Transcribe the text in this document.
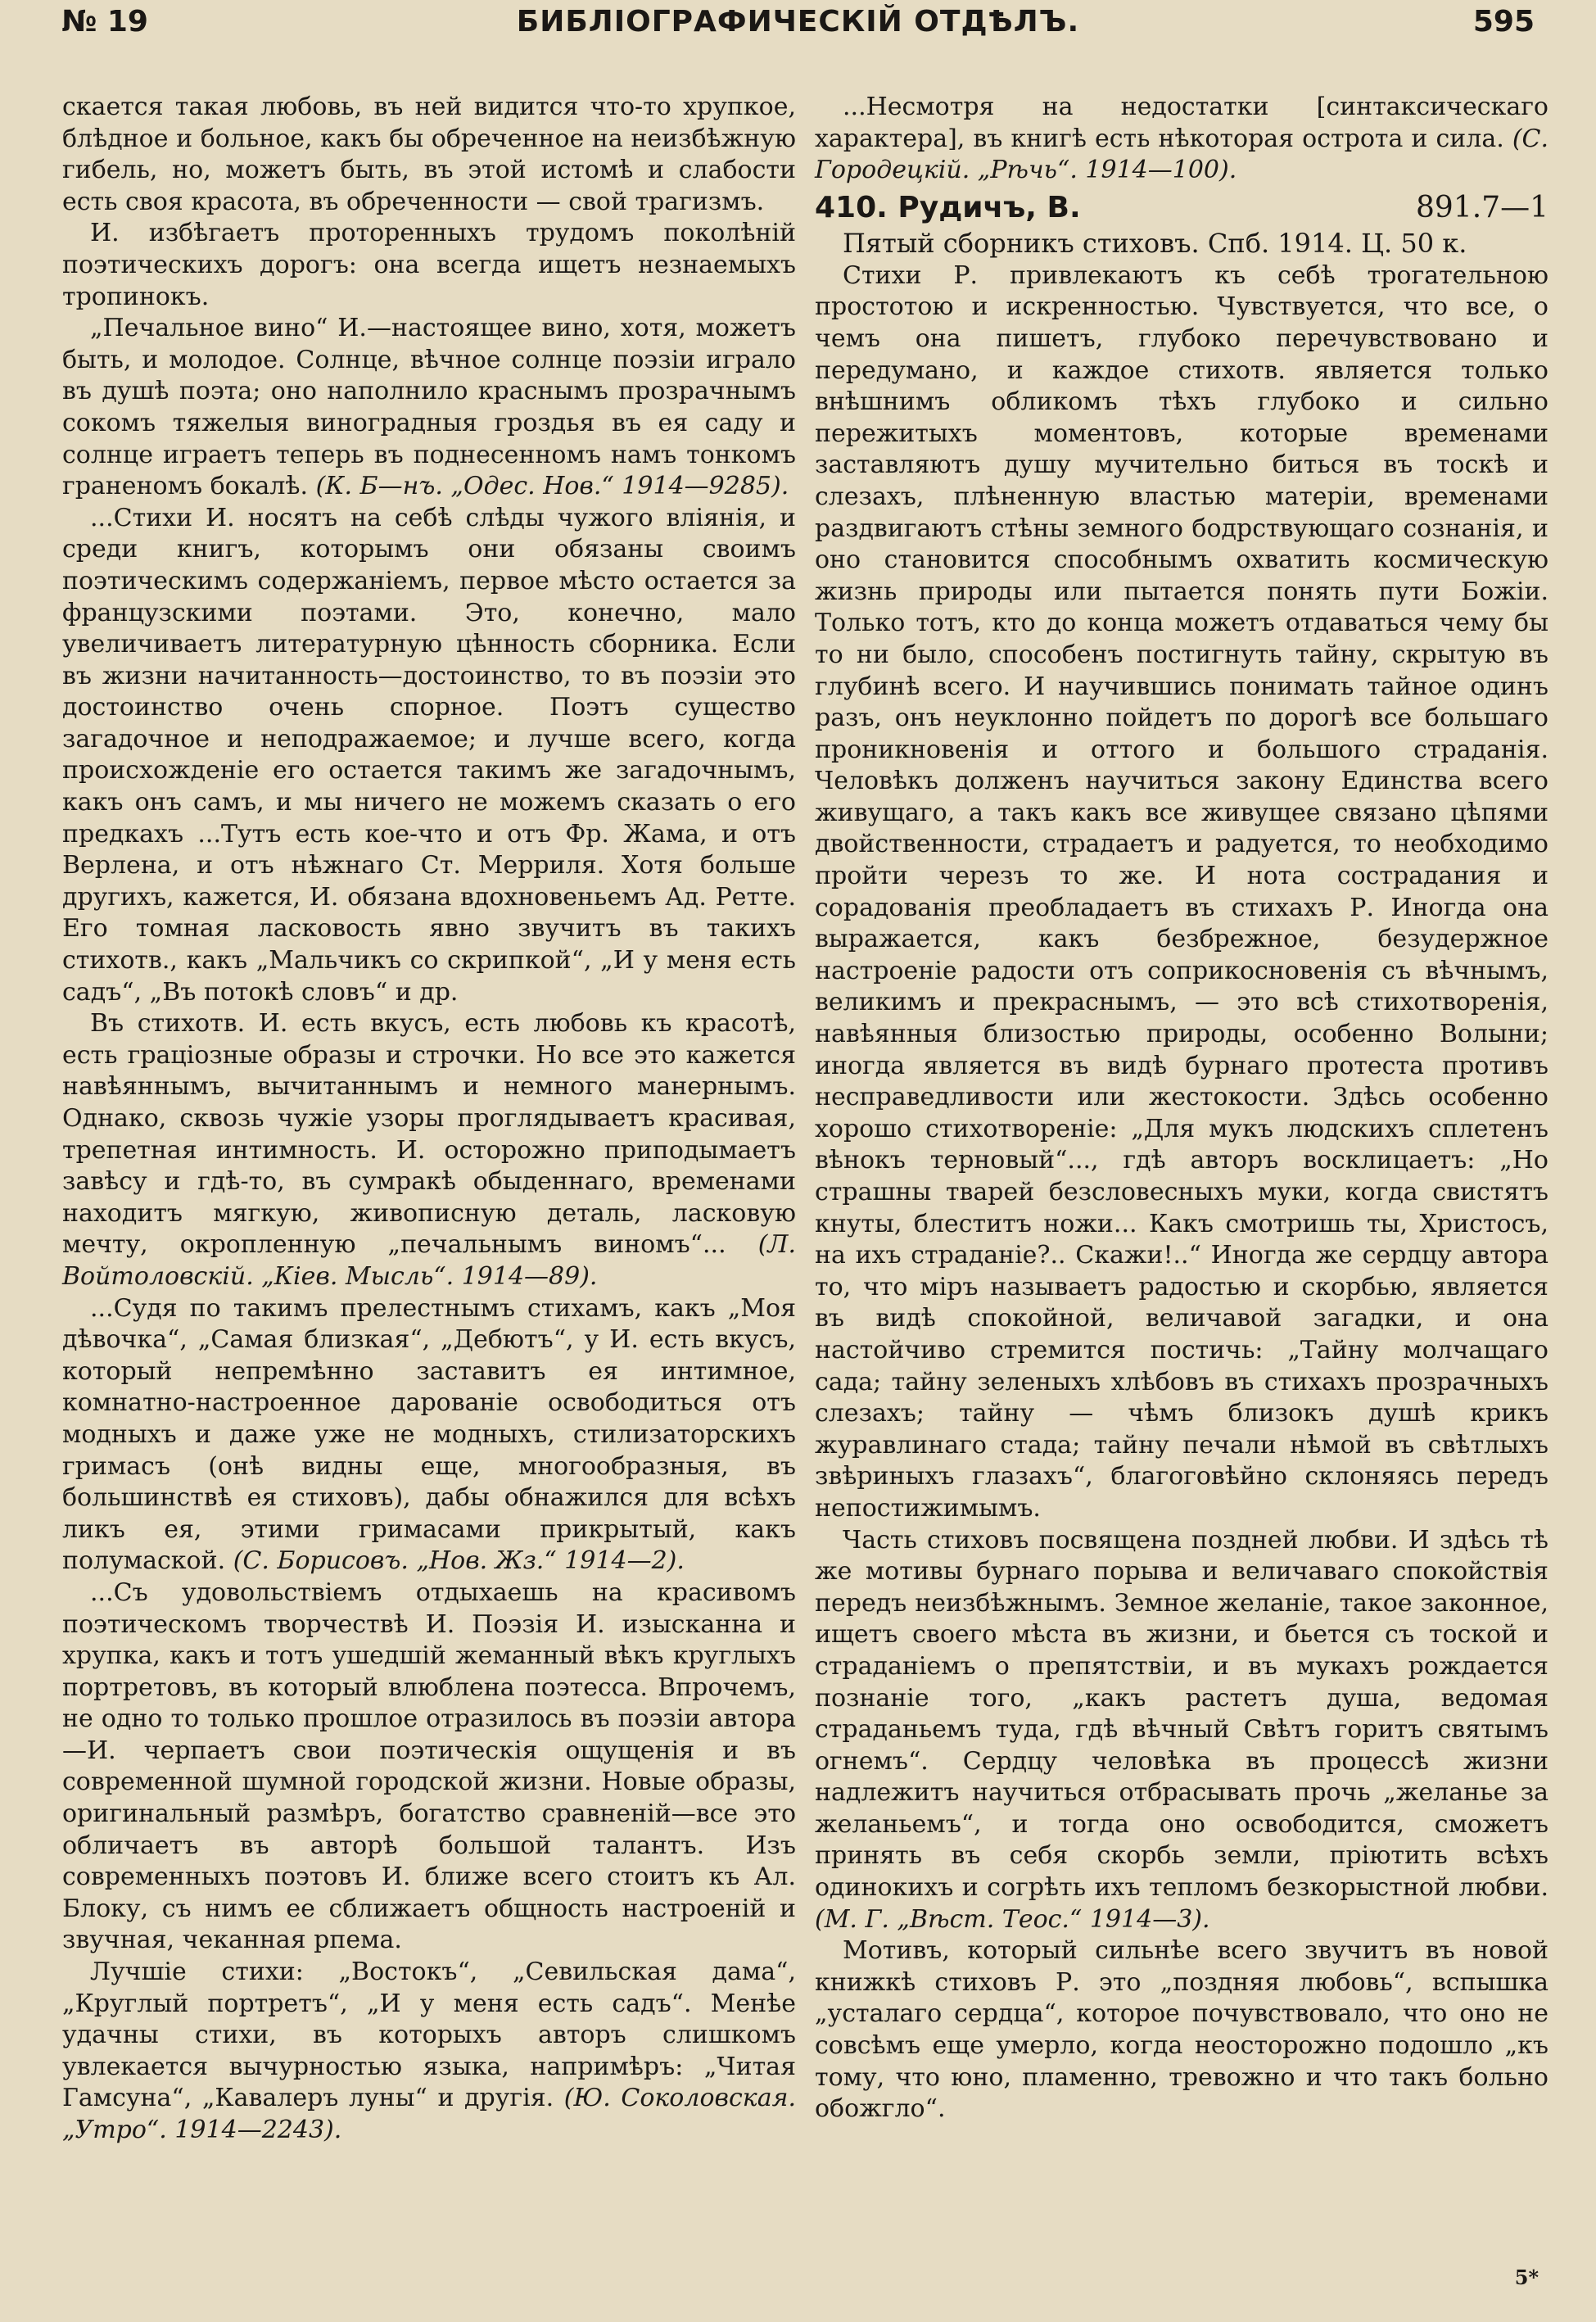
№ 19	БИБЛІОГРАФИЧЕСКІЙ ОТДѢЛЪ.	595

скается такая любовь, въ ней видится что-то хрупкое, блѣдное и больное, какъ бы обреченное на неизбѣжную гибель, но, можетъ быть, въ этой истомѣ и слабости есть своя красота, въ обреченности — свой трагизмъ.

И. избѣгаетъ проторенныхъ трудомъ поколѣній поэтическихъ дорогъ: она всегда ищетъ незнаемыхъ тропинокъ.

„Печальное вино“ И.—настоящее вино, хотя, можетъ быть, и молодое. Солнце, вѣчное солнце поэзіи играло въ душѣ поэта; оно наполнило краснымъ прозрачнымъ сокомъ тяжелыя виноградныя гроздья въ ея саду и солнце играетъ теперь въ поднесенномъ намъ тонкомъ граненомъ бокалѣ. (К. Б—нъ. „Одес. Нов.“ 1914—9285).

...Стихи И. носятъ на себѣ слѣды чужого вліянія, и среди книгъ, которымъ они обязаны своимъ поэтическимъ содержаніемъ, первое мѣсто остается за французскими поэтами. Это, конечно, мало увеличиваетъ литературную цѣнность сборника. Если въ жизни начитанность—достоинство, то въ поэзіи это достоинство очень спорное. Поэтъ существо загадочное и неподражаемое; и лучше всего, когда происхожденіе его остается такимъ же загадочнымъ, какъ онъ самъ, и мы ничего не можемъ сказать о его предкахъ ...Тутъ есть кое-что и отъ Фр. Жама, и отъ Верлена, и отъ нѣжнаго Ст. Мерриля. Хотя больше другихъ, кажется, И. обязана вдохновеньемъ Ад. Ретте. Его томная ласковость явно звучитъ въ такихъ стихотв., какъ „Мальчикъ со скрипкой“, „И у меня есть садъ“, „Въ потокѣ словъ“ и др.

Въ стихотв. И. есть вкусъ, есть любовь къ красотѣ, есть граціозные образы и строчки. Но все это кажется навѣяннымъ, вычитаннымъ и немного манернымъ. Однако, сквозь чужіе узоры проглядываетъ красивая, трепетная интимность. И. осторожно приподымаетъ завѣсу и гдѣ-то, въ сумракѣ обыденнаго, временами находитъ мягкую, живописную деталь, ласковую мечту, окропленную „печальнымъ виномъ“... (Л. Войтоловскій. „Кіев. Мысль“. 1914—89).

...Судя по такимъ прелестнымъ стихамъ, какъ „Моя дѣвочка“, „Самая близкая“, „Дебютъ“, у И. есть вкусъ, который непремѣнно заставитъ ея интимное, комнатно-настроенное дарованіе освободиться отъ модныхъ и даже уже не модныхъ, стилизаторскихъ гримасъ (онѣ видны еще, многообразныя, въ большинствѣ ея стиховъ), дабы обнажился для всѣхъ ликъ ея, этими гримасами прикрытый, какъ полумаской. (С. Борисовъ. „Нов. Жз.“ 1914—2).

...Съ удовольствіемъ отдыхаешь на красивомъ поэтическомъ творчествѣ И. Поэзія И. изысканна и хрупка, какъ и тотъ ушедшій жеманный вѣкъ круглыхъ портретовъ, въ который влюблена поэтесса. Впрочемъ, не одно то только прошлое отразилось въ поэзіи автора—И. черпаетъ свои поэтическія ощущенія и въ современной шумной городской жизни. Новые образы, оригинальный размѣръ, богатство сравненій—все это обличаетъ въ авторѣ большой талантъ. Изъ современныхъ поэтовъ И. ближе всего стоитъ къ Ал. Блоку, съ нимъ ее сближаетъ общность настроеній и звучная, чеканная рпема.

Лучшіе стихи: „Востокъ“, „Севильская дама“, „Круглый портретъ“, „И у меня есть садъ“. Менѣе удачны стихи, въ которыхъ авторъ слишкомъ увлекается вычурностью языка, напримѣръ: „Читая Гамсуна“, „Кавалеръ луны“ и другія. (Ю. Соколовская. „Утро“. 1914—2243).

...Несмотря на недостатки [синтаксическаго характера], въ книгѣ есть нѣкоторая острота и сила. (С. Городецкій. „Рѣчь“. 1914—100).

410. Рудичъ, В.	891.7—1

Пятый сборникъ стиховъ. Спб. 1914. Ц. 50 к.

Стихи Р. привлекаютъ къ себѣ трогательною простотою и искренностью. Чувствуется, что все, о чемъ она пишетъ, глубоко перечувствовано и передумано, и каждое стихотв. является только внѣшнимъ обликомъ тѣхъ глубоко и сильно пережитыхъ моментовъ, которые временами заставляютъ душу мучительно биться въ тоскѣ и слезахъ, плѣненную властью матеріи, временами раздвигаютъ стѣны земного бодрствующаго сознанія, и оно становится способнымъ охватить космическую жизнь природы или пытается понять пути Божіи. Только тотъ, кто до конца можетъ отдаваться чему бы то ни было, способенъ постигнуть тайну, скрытую въ глубинѣ всего. И научившись понимать тайное одинъ разъ, онъ неуклонно пойдетъ по дорогѣ все большаго проникновенія и оттого и большого страданія. Человѣкъ долженъ научиться закону Единства всего живущаго, а такъ какъ все живущее связано цѣпями двойственности, страдаетъ и радуется, то необходимо пройти черезъ то же. И нота сострадания и сорадованія преобладаетъ въ стихахъ Р. Иногда она выражается, какъ безбрежное, безудержное настроеніе радости отъ соприкосновенія съ вѣчнымъ, великимъ и прекраснымъ, — это всѣ стихотворенія, навѣянныя близостью природы, особенно Волыни; иногда является въ видѣ бурнаго протеста противъ несправедливости или жестокости. Здѣсь особенно хорошо стихотвореніе: „Для мукъ людскихъ сплетенъ вѣнокъ терновый“..., гдѣ авторъ восклицаетъ: „Но страшны тварей безсловесныхъ муки, когда свистятъ кнуты, блеститъ ножи... Какъ смотришь ты, Христосъ, на ихъ страданіе?.. Скажи!..“ Иногда же сердцу автора то, что міръ называетъ радостью и скорбью, является въ видѣ спокойной, величавой загадки, и она настойчиво стремится постичь: „Тайну молчащаго сада; тайну зеленыхъ хлѣбовъ въ стихахъ прозрачныхъ слезахъ; тайну — чѣмъ близокъ душѣ крикъ журавлинаго стада; тайну печали нѣмой въ свѣтлыхъ звѣриныхъ глазахъ“, благоговѣйно склоняясь передъ непостижимымъ.

Часть стиховъ посвящена поздней любви. И здѣсь тѣ же мотивы бурнаго порыва и величаваго спокойствія передъ неизбѣжнымъ. Земное желаніе, такое законное, ищетъ своего мѣста въ жизни, и бьется съ тоской и страданіемъ о препятствіи, и въ мукахъ рождается познаніе того, „какъ растетъ душа, ведомая страданьемъ туда, гдѣ вѣчный Свѣтъ горитъ святымъ огнемъ“. Сердцу человѣка въ процессѣ жизни надлежитъ научиться отбрасывать прочь „желанье за желаньемъ“, и тогда оно освободится, сможетъ принять въ себя скорбь земли, пріютить всѣхъ одинокихъ и согрѣть ихъ тепломъ безкорыстной любви. (М. Г. „Вѣст. Теос.“ 1914—3).

Мотивъ, который сильнѣе всего звучитъ въ новой книжкѣ стиховъ Р. это „поздняя любовь“, вспышка „усталаго сердца“, которое почувствовало, что оно не совсѣмъ еще умерло, когда неосторожно подошло „къ тому, что юно, пламенно, тревожно и что такъ больно обожгло“.

5*
